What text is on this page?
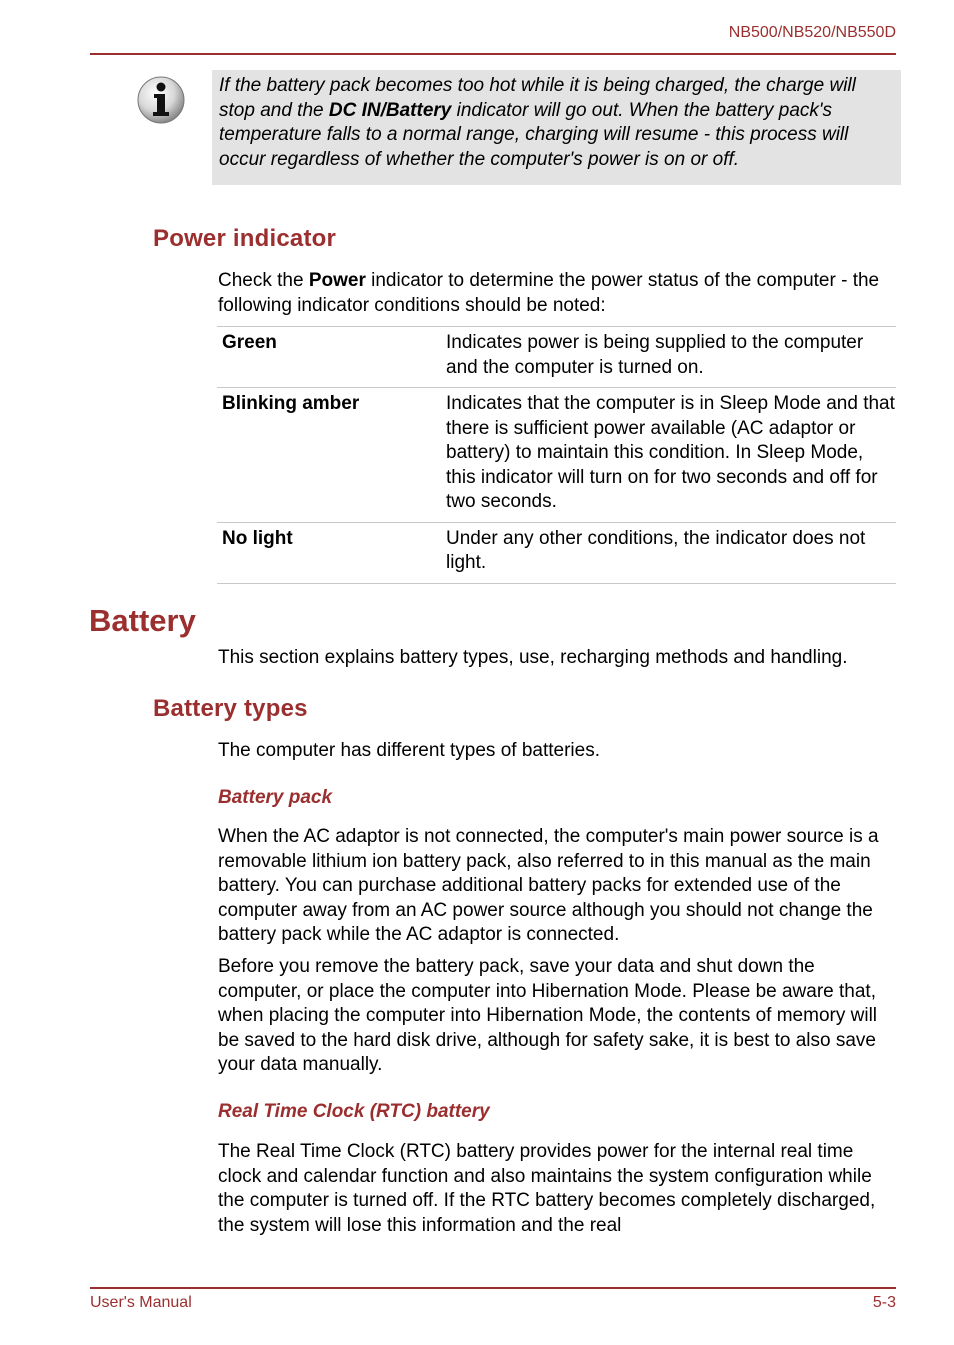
NB500/NB520/NB550D
If the battery pack becomes too hot while it is being charged, the charge will stop and the DC IN/Battery indicator will go out. When the battery pack's temperature falls to a normal range, charging will resume - this process will occur regardless of whether the computer's power is on or off.
Power indicator
Check the Power indicator to determine the power status of the computer - the following indicator conditions should be noted:
Green	Indicates power is being supplied to the computer and the computer is turned on.
Blinking amber	Indicates that the computer is in Sleep Mode and that there is sufficient power available (AC adaptor or battery) to maintain this condition. In Sleep Mode, this indicator will turn on for two seconds and off for two seconds.
No light	Under any other conditions, the indicator does not light.
Battery
This section explains battery types, use, recharging methods and handling.
Battery types
The computer has different types of batteries.
Battery pack
When the AC adaptor is not connected, the computer's main power source is a removable lithium ion battery pack, also referred to in this manual as the main battery. You can purchase additional battery packs for extended use of the computer away from an AC power source although you should not change the battery pack while the AC adaptor is connected.
Before you remove the battery pack, save your data and shut down the computer, or place the computer into Hibernation Mode. Please be aware that, when placing the computer into Hibernation Mode, the contents of memory will be saved to the hard disk drive, although for safety sake, it is best to also save your data manually.
Real Time Clock (RTC) battery
The Real Time Clock (RTC) battery provides power for the internal real time clock and calendar function and also maintains the system configuration while the computer is turned off. If the RTC battery becomes completely discharged, the system will lose this information and the real
User's Manual	5-3
